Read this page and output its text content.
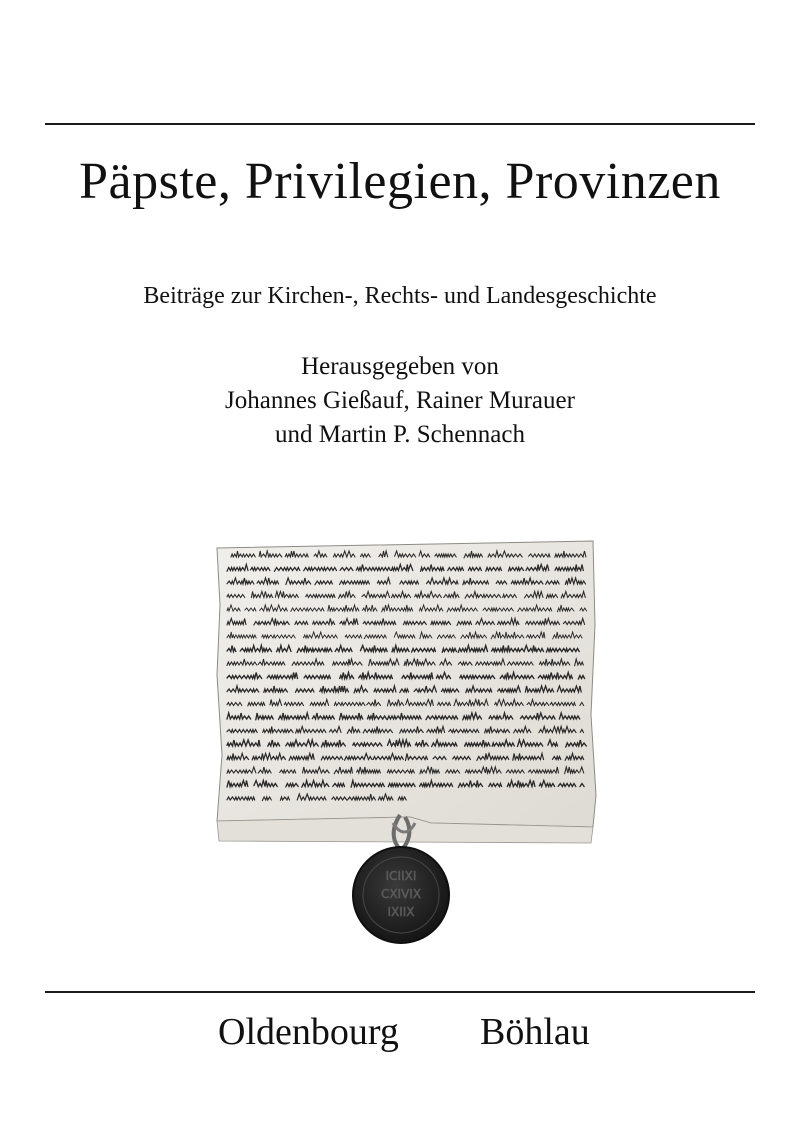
Päpste, Privilegien, Provinzen
Beiträge zur Kirchen-, Rechts- und Landesgeschichte
Herausgegeben von
Johannes Gießauf, Rainer Murauer
und Martin P. Schennach
ⅠⅭⅠⅠⅩⅠ
ⅭⅩⅠⅤⅠⅩ
ⅠⅩⅠⅠⅩ
Oldenbourg Böhlau
